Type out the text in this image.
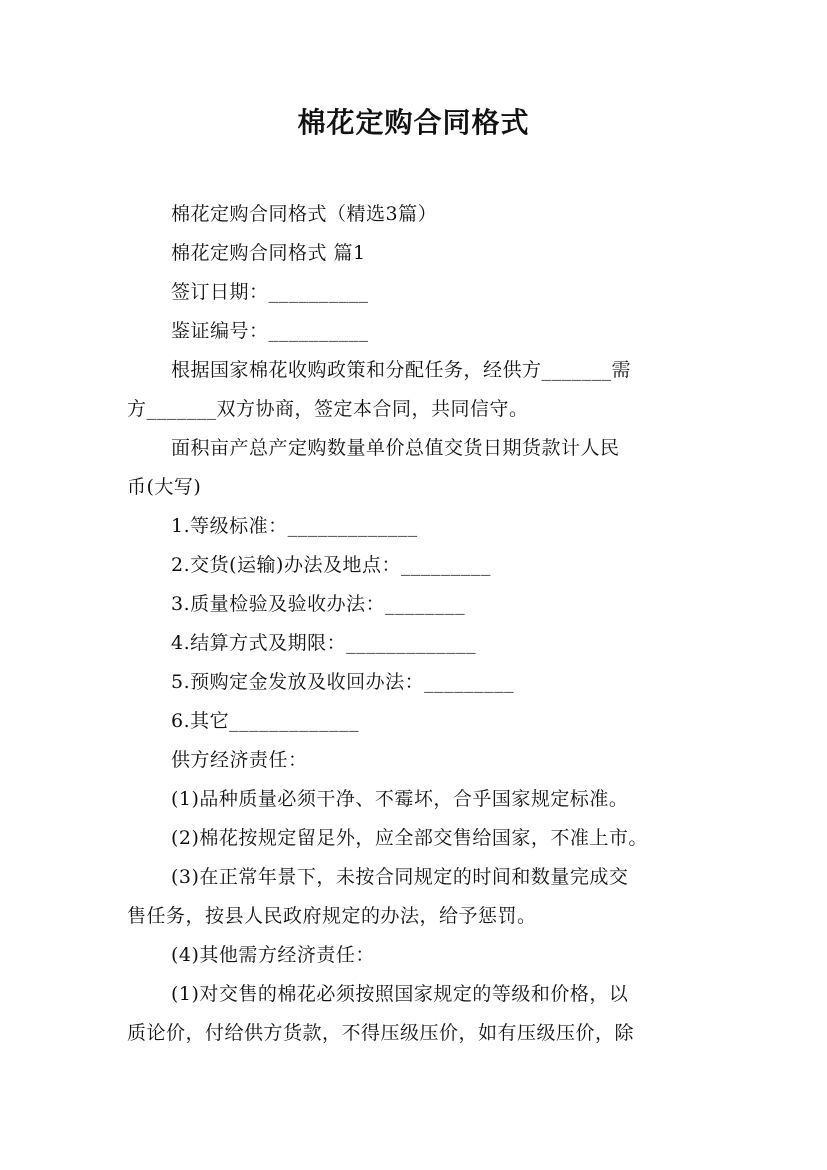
棉花定购合同格式
棉花定购合同格式（精选3篇）
棉花定购合同格式 篇1
签订日期：__________
鉴证编号：__________
根据国家棉花收购政策和分配任务，经供方_______需
方_______双方协商，签定本合同，共同信守。
面积亩产总产定购数量单价总值交货日期货款计人民
币(大写)
1.等级标准：_____________
2.交货(运输)办法及地点：_________
3.质量检验及验收办法：________
4.结算方式及期限：_____________
5.预购定金发放及收回办法：_________
6.其它_____________
供方经济责任：
(1)品种质量必须干净、不霉坏，合乎国家规定标准。
(2)棉花按规定留足外，应全部交售给国家，不准上市。
(3)在正常年景下，未按合同规定的时间和数量完成交
售任务，按县人民政府规定的办法，给予惩罚。
(4)其他需方经济责任：
(1)对交售的棉花必须按照国家规定的等级和价格，以
质论价，付给供方货款，不得压级压价，如有压级压价，除
